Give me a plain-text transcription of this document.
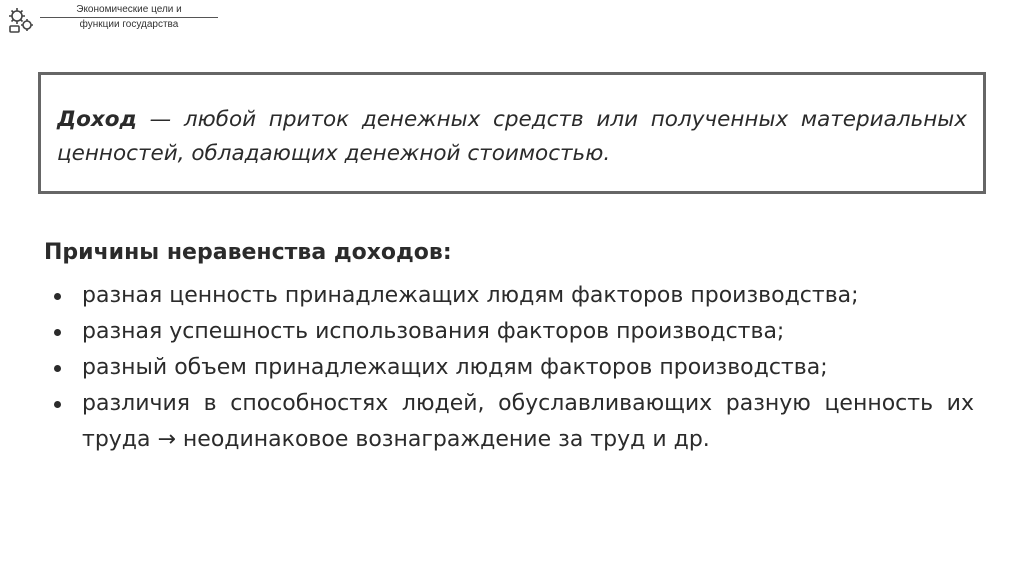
Экономические цели и
функции государства

Доход — любой приток денежных средств или полученных материальных ценностей, обладающих денежной стоимостью.

Причины неравенства доходов:
разная ценность принадлежащих людям факторов производства;
разная успешность использования факторов производства;
разный объем принадлежащих людям факторов производства;
различия в способностях людей, обуславливающих разную ценность их труда → неодинаковое вознаграждение за труд и др.
